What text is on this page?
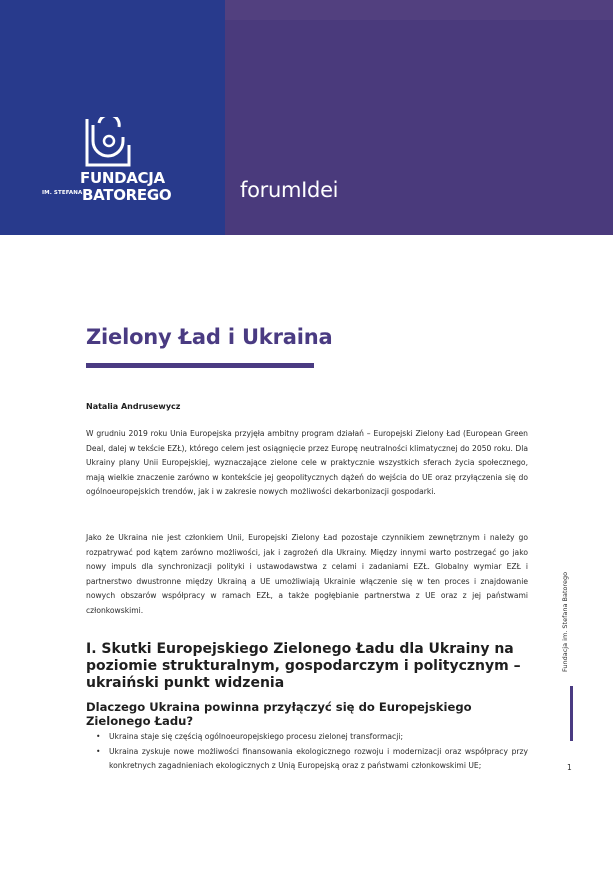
FUNDACJA
IM. STEFANA BATOREGO	forumIdei
Zielony Ład i Ukraina
Natalia Andrusewycz
W grudniu 2019 roku Unia Europejska przyjęła ambitny program działań – Europejski Zielony Ład (European Green Deal, dalej w tekście EZŁ), którego celem jest osiągnięcie przez Europę neutralności klimatycznej do 2050 roku. Dla Ukrainy plany Unii Europejskiej, wyznaczające zielone cele w praktycznie wszystkich sferach życia społecznego, mają wielkie znaczenie zarówno w kontekście jej geopolitycznych dążeń do wejścia do UE oraz przyłączenia się do ogólnoeuropejskich trendów, jak i w zakresie nowych możliwości dekarbonizacji gospodarki.
Jako że Ukraina nie jest członkiem Unii, Europejski Zielony Ład pozostaje czynnikiem zewnętrznym i należy go rozpatrywać pod kątem zarówno możliwości, jak i zagrożeń dla Ukrainy. Między innymi warto postrzegać go jako nowy impuls dla synchronizacji polityki i ustawodawstwa z celami i zadaniami EZŁ. Globalny wymiar EZŁ i partnerstwo dwustronne między Ukrainą a UE umożliwiają Ukrainie włączenie się w ten proces i znajdowanie nowych obszarów współpracy w ramach EZŁ, a także pogłębianie partnerstwa z UE oraz z jej państwami członkowskimi.
I. Skutki Europejskiego Zielonego Ładu dla Ukrainy na poziomie strukturalnym, gospodarczym i politycznym – ukraiński punkt widzenia
Dlaczego Ukraina powinna przyłączyć się do Europejskiego Zielonego Ładu?
• Ukraina staje się częścią ogólnoeuropejskiego procesu zielonej transformacji;
• Ukraina zyskuje nowe możliwości finansowania ekologicznego rozwoju i modernizacji oraz współpracy przy konkretnych zagadnieniach ekologicznych z Unią Europejską oraz z państwami członkowskimi UE;
Fundacja im. Stefana Batorego
1
